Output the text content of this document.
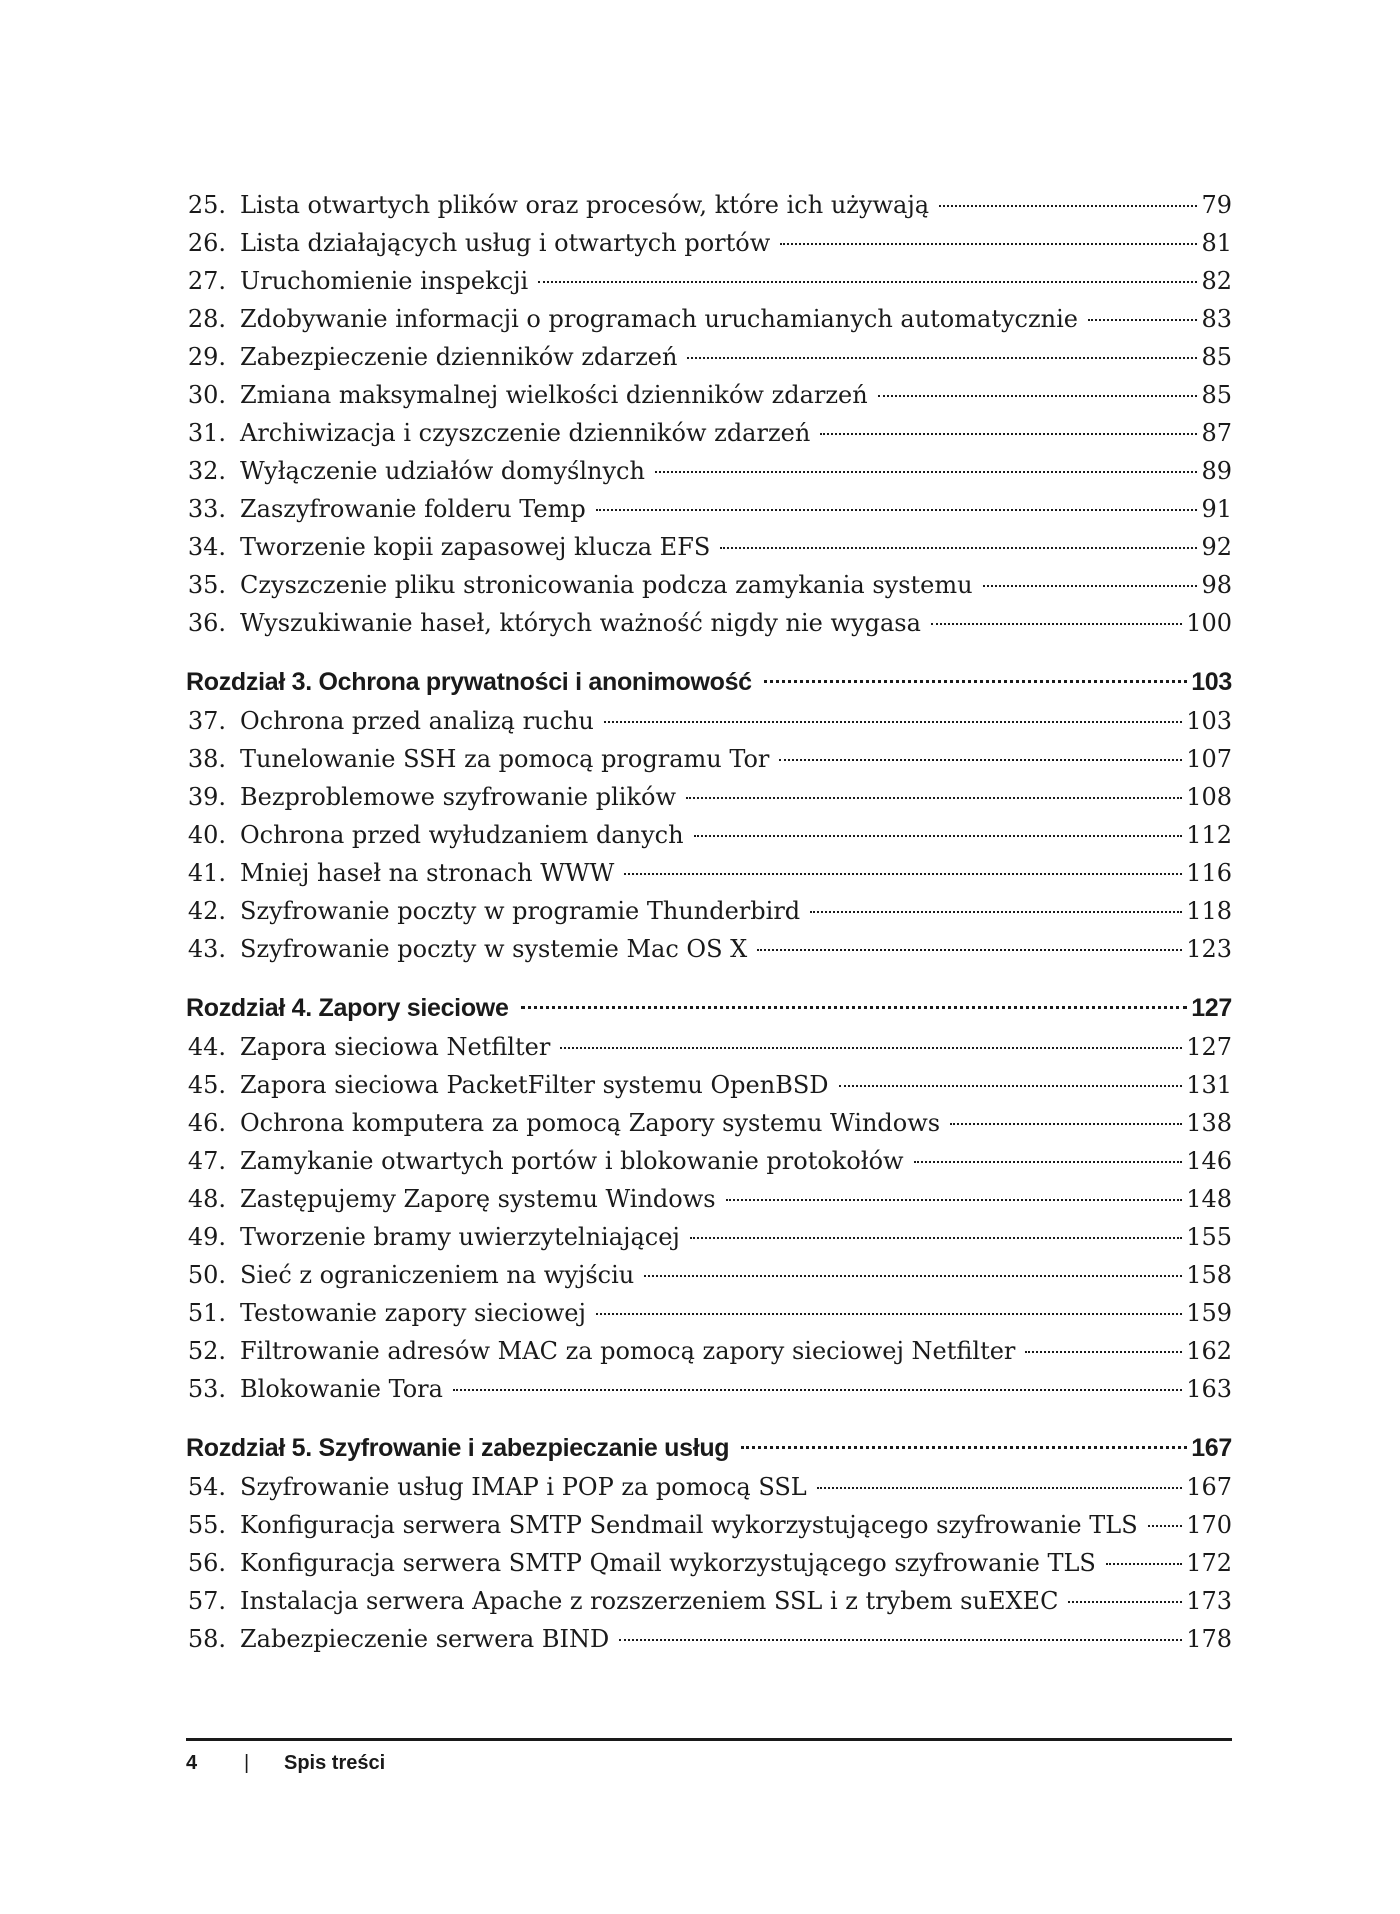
25. Lista otwartych plików oraz procesów, które ich używają	79
26. Lista działających usług i otwartych portów	81
27. Uruchomienie inspekcji	82
28. Zdobywanie informacji o programach uruchamianych automatycznie	83
29. Zabezpieczenie dzienników zdarzeń	85
30. Zmiana maksymalnej wielkości dzienników zdarzeń	85
31. Archiwizacja i czyszczenie dzienników zdarzeń	87
32. Wyłączenie udziałów domyślnych	89
33. Zaszyfrowanie folderu Temp	91
34. Tworzenie kopii zapasowej klucza EFS	92
35. Czyszczenie pliku stronicowania podcza zamykania systemu	98
36. Wyszukiwanie haseł, których ważność nigdy nie wygasa	100
Rozdział 3. Ochrona prywatności i anonimowość	103
37. Ochrona przed analizą ruchu	103
38. Tunelowanie SSH za pomocą programu Tor	107
39. Bezproblemowe szyfrowanie plików	108
40. Ochrona przed wyłudzaniem danych	112
41. Mniej haseł na stronach WWW	116
42. Szyfrowanie poczty w programie Thunderbird	118
43. Szyfrowanie poczty w systemie Mac OS X	123
Rozdział 4. Zapory sieciowe	127
44. Zapora sieciowa Netfilter	127
45. Zapora sieciowa PacketFilter systemu OpenBSD	131
46. Ochrona komputera za pomocą Zapory systemu Windows	138
47. Zamykanie otwartych portów i blokowanie protokołów	146
48. Zastępujemy Zaporę systemu Windows	148
49. Tworzenie bramy uwierzytelniającej	155
50. Sieć z ograniczeniem na wyjściu	158
51. Testowanie zapory sieciowej	159
52. Filtrowanie adresów MAC za pomocą zapory sieciowej Netfilter	162
53. Blokowanie Tora	163
Rozdział 5. Szyfrowanie i zabezpieczanie usług	167
54. Szyfrowanie usług IMAP i POP za pomocą SSL	167
55. Konfiguracja serwera SMTP Sendmail wykorzystującego szyfrowanie TLS 170
56. Konfiguracja serwera SMTP Qmail wykorzystującego szyfrowanie TLS	172
57. Instalacja serwera Apache z rozszerzeniem SSL i z trybem suEXEC	173
58. Zabezpieczenie serwera BIND	178
4 | Spis treści
